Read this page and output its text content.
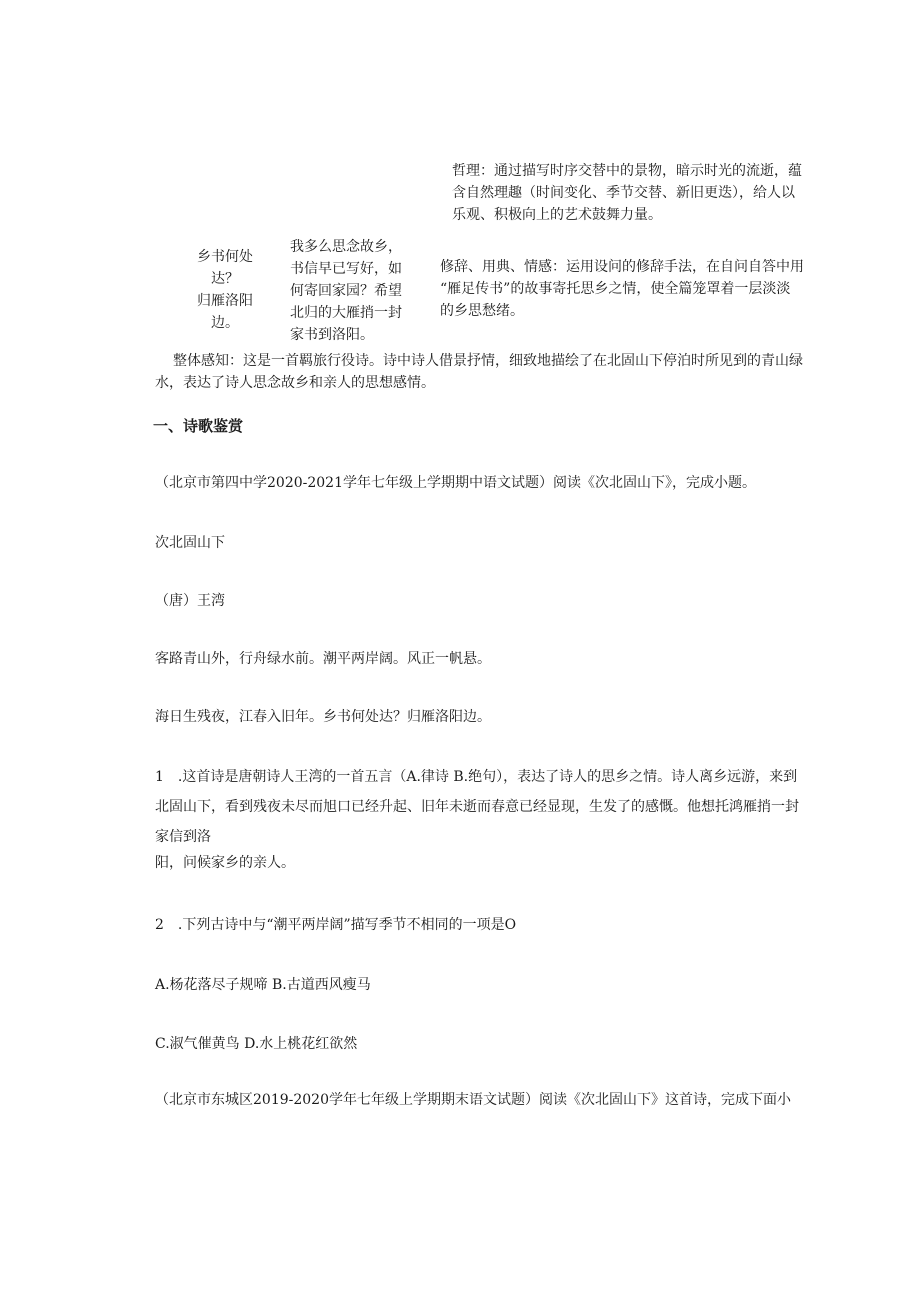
哲理：通过描写时序交替中的景物，暗示时光的流逝，蕴
含自然理趣（时间变化、季节交替、新旧更迭），给人以
乐观、积极向上的艺术鼓舞力量。
乡书何处
达？
归雁洛阳
边。
我多么思念故乡，
书信早已写好，如
何寄回家园？希望
北归的大雁捎一封
家书到洛阳。
修辞、用典、情感：运用设问的修辞手法，在自问自答中用
“雁足传书”的故事寄托思乡之情，使全篇笼罩着一层淡淡
的乡思愁绪。
整体感知：这是一首羁旅行役诗。诗中诗人借景抒情，细致地描绘了在北固山下停泊时所见到的青山绿
水，表达了诗人思念故乡和亲人的思想感情。
一、诗歌鉴赏
（北京市第四中学2020-2021学年七年级上学期期中语文试题）阅读《次北固山下》，完成小题。
次北固山下
（唐）王湾
客路青山外，行舟绿水前。潮平两岸阔。风正一帆悬。
海日生残夜，江春入旧年。乡书何处达？归雁洛阳边。
1　.这首诗是唐朝诗人王湾的一首五言（A.律诗 B.绝句），表达了诗人的思乡之情。诗人离乡远游，来到
北固山下，看到残夜未尽而旭口已经升起、旧年未逝而春意已经显现，生发了的感慨。他想托鸿雁捎一封
家信到洛
阳，问候家乡的亲人。
2　.下列古诗中与“潮平两岸阔”描写季节不相同的一项是O
A.杨花落尽子规啼 B.古道西风瘦马
C.淑气催黄鸟 D.水上桃花红欲然
（北京市东城区2019-2020学年七年级上学期期末语文试题）阅读《次北固山下》这首诗，完成下面小
